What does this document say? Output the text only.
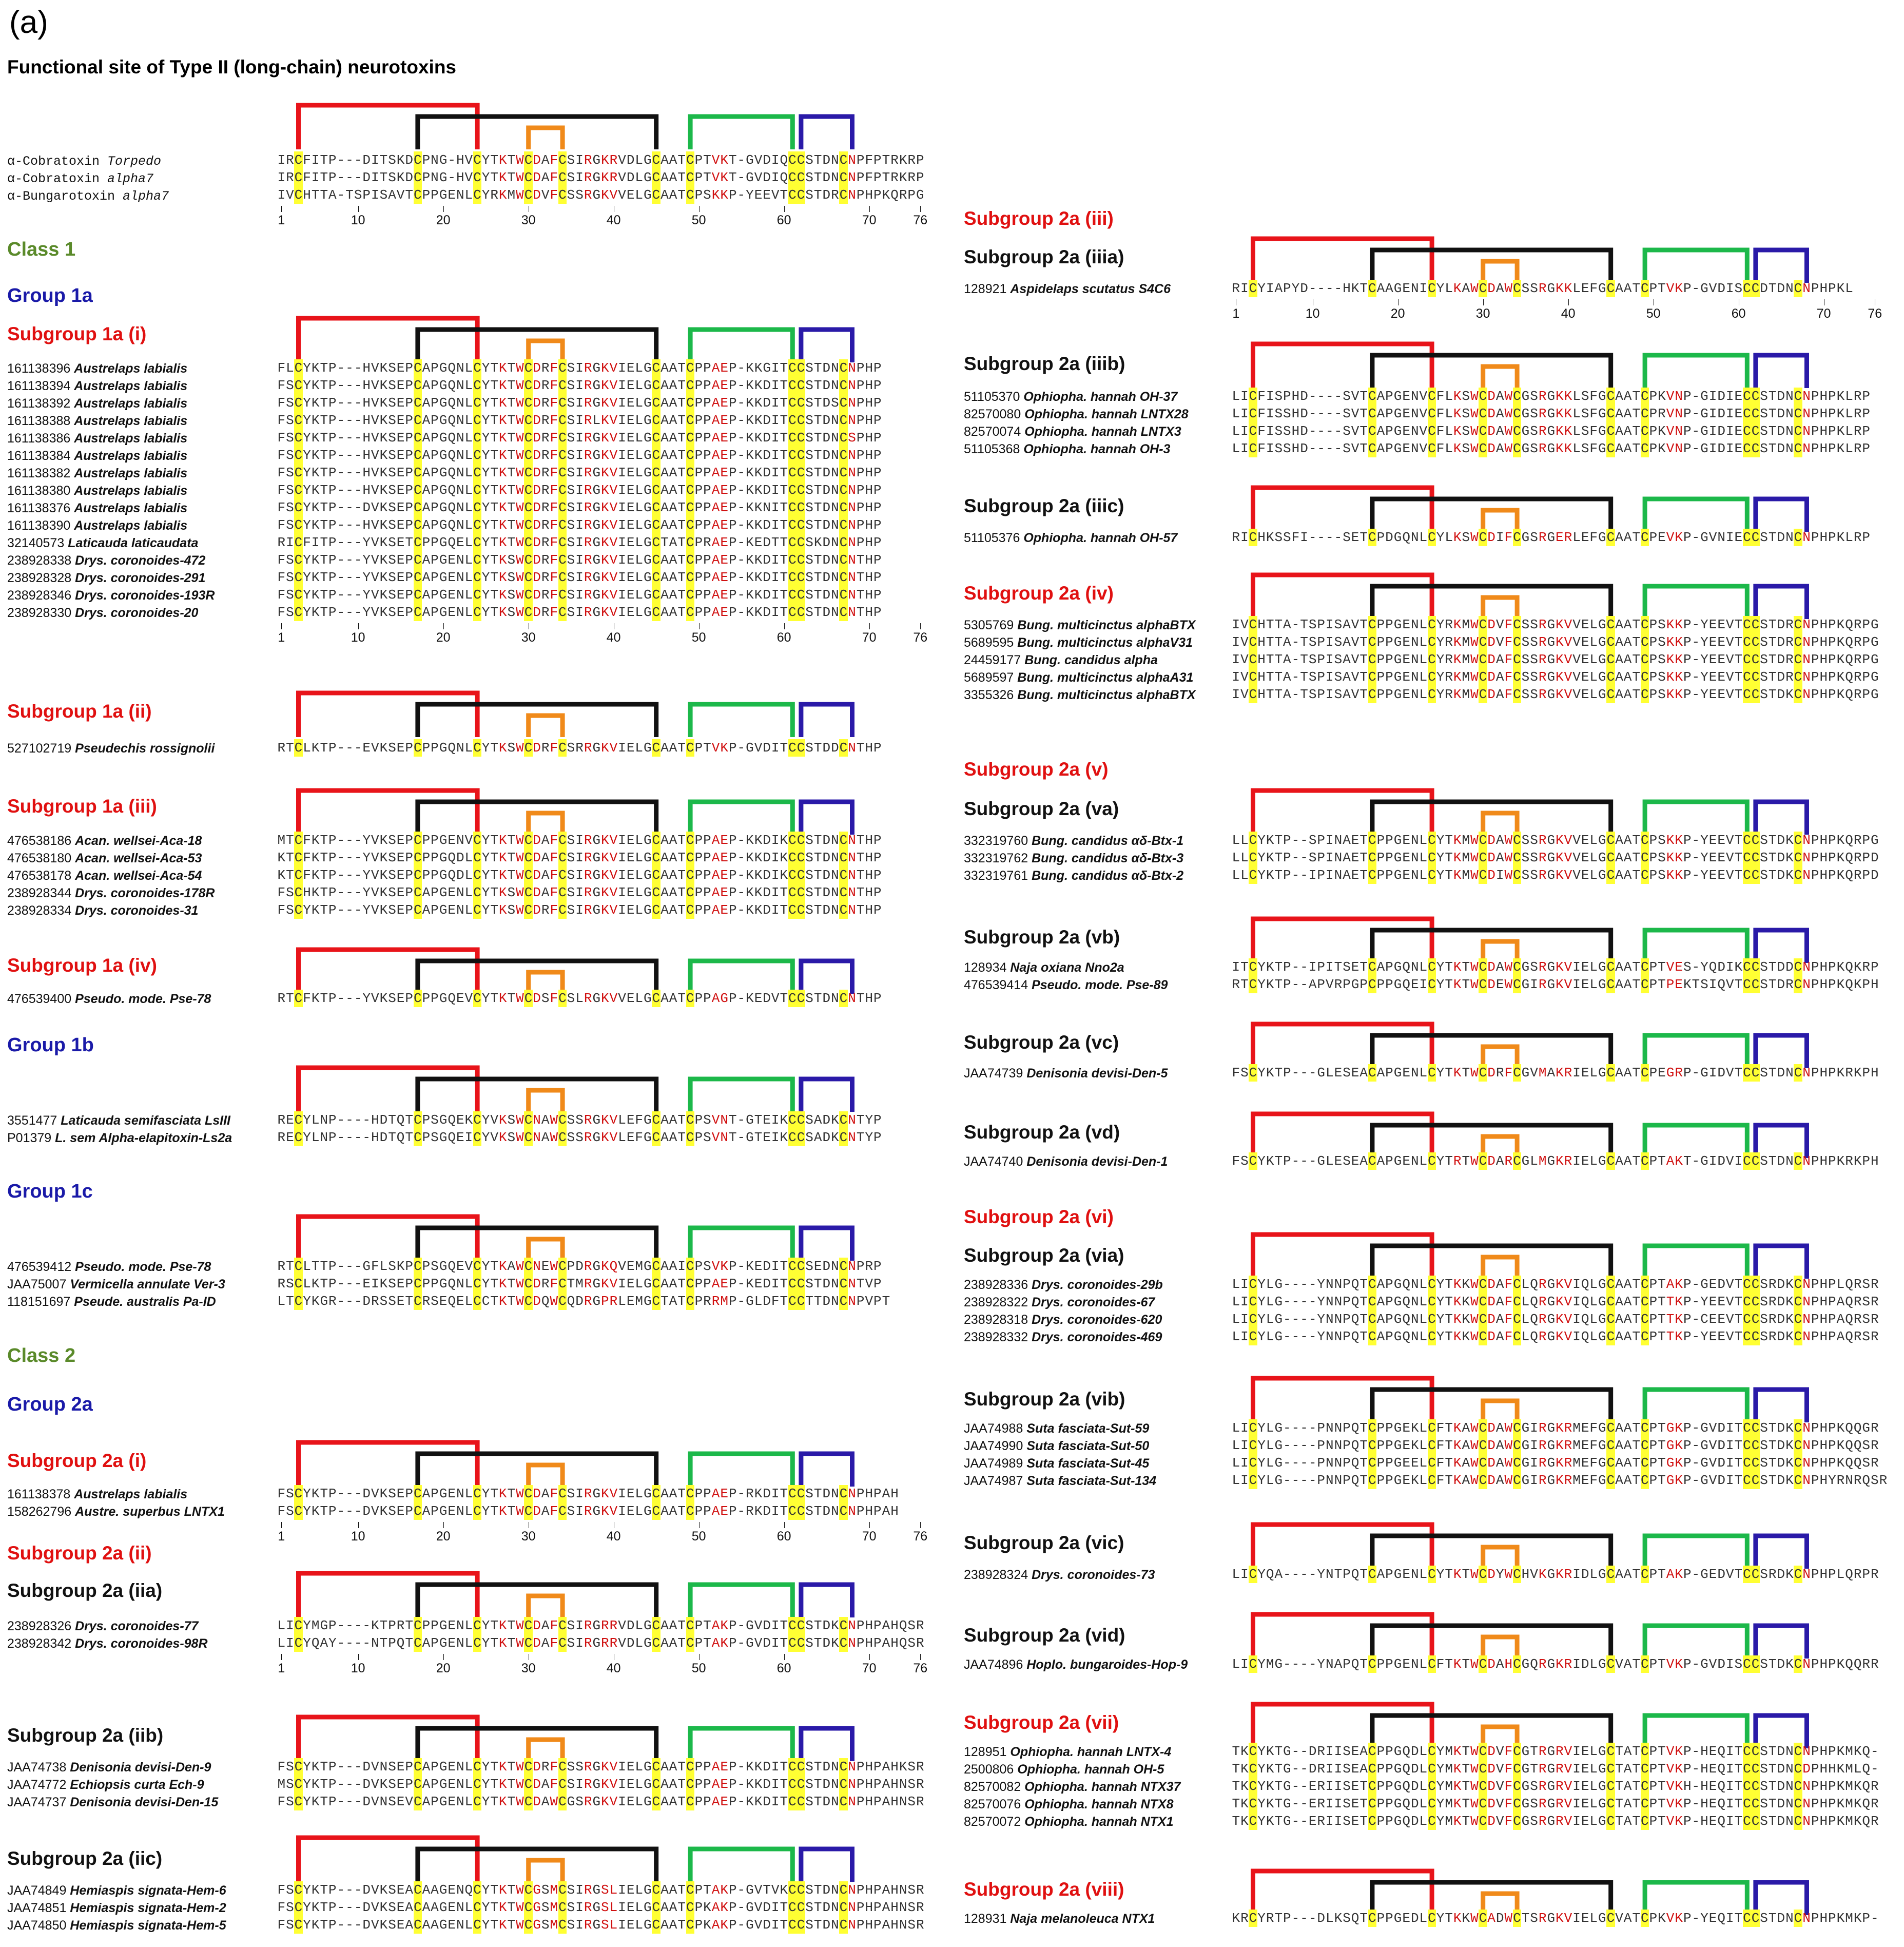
(a)
Functional site of Type II (long-chain) neurotoxins
α-Cobratoxin Torpedo	IRCFITP---DITSKDCPNG-HVCYTKTWCDAFCSIRGKRVDLGCAATCPTVKT-GVDIQCCSTDNCNPFPTRKRP
α-Cobratoxin alpha7	IRCFITP---DITSKDCPNG-HVCYTKTWCDAFCSIRGKRVDLGCAATCPTVKT-GVDIQCCSTDNCNPFPTRKRP
α-Bungarotoxin alpha7	IVCHTTA-TSPISAVTCPPGENLCYRKMWCDVFCSSRGKVVELGCAATCPSKKP-YEEVTCCSTDRCNPHPKQRPG
1	10	20	30	40	50	60	70	76
Class 1
Group 1a
Subgroup 1a (i)
161138396 Austrelaps labialis	FLCYKTP---HVKSEPCAPGQNLCYTKTWCDRFCSIRGKVIELGCAATCPPAEP-KKGITCCSTDNCNPHP
161138394 Austrelaps labialis	FSCYKTP---HVKSEPCAPGQNLCYTKTWCDRFCSIRGKVIELGCAATCPPAEP-KKDITCCSTDNCNPHP
161138392 Austrelaps labialis	FSCYKTP---HVKSEPCAPGQNLCYTKTWCDRFCSIRGKVIELGCAATCPPAEP-KKDITCCSTDSCNPHP
161138388 Austrelaps labialis	FSCYKTP---HVKSEPCAPGQNLCYTKTWCDRFCSIRLKVIELGCAATCPPAEP-KKDITCCSTDNCNPHP
161138386 Austrelaps labialis	FSCYKTP---HVKSEPCAPGQNLCYTKTWCDRFCSIRGKVIELGCAATCPPAEP-KKDITCCSTDNCSPHP
161138384 Austrelaps labialis	FSCYKTP---HVKSEPCAPGQNLCYTKTWCDRFCSIRGKVIELGCAATCPPAEP-KKDITCCSTDNCNPHP
161138382 Austrelaps labialis	FSCYKTP---HVKSEPCAPGQNLCYTKTWCDRFCSIRGKVIELGCAATCPPAEP-KKDITCCSTDNCNPHP
161138380 Austrelaps labialis	FSCYKTP---HVKSEPCAPGQNLCYTKTWCDRFCSIRGKVIELGCAATCPPAEP-KKDITCCSTDNCNPHP
161138376 Austrelaps labialis	FSCYKTP---DVKSEPCAPGQNLCYTKTWCDRFCSIRGKVIELGCAATCPPAEP-KKNITCCSTDNCNPHP
161138390 Austrelaps labialis	FSCYKTP---HVKSEPCAPGQNLCYTKTWCDRFCSIRGKVIELGCAATCPPAEP-KKDITCCSTDNCNPHP
32140573 Laticauda laticaudata	RICFITP---YVKSETCPPGQELCYTKTWCDRFCSIRGKVIELGCTATCPRAEP-KEDTTCCSKDNCNPHP
238928338 Drys. coronoides-472	FSCYKTP---YVKSEPCAPGENLCYTKSWCDRFCSIRGKVIELGCAATCPPAEP-KKDITCCSTDNCNTHP
238928328 Drys. coronoides-291	FSCYKTP---YVKSEPCAPGENLCYTKSWCDRFCSIRGKVIELGCAATCPPAEP-KKDITCCSTDNCNTHP
238928346 Drys. coronoides-193R	FSCYKTP---YVKSEPCAPGENLCYTKSWCDRFCSIRGKVIELGCAATCPPAEP-KKDITCCSTDNCNTHP
238928330 Drys. coronoides-20	FSCYKTP---YVKSEPCAPGENLCYTKSWCDRFCSIRGKVIELGCAATCPPAEP-KKDITCCSTDNCNTHP
1	10	20	30	40	50	60	70	76
Subgroup 1a (ii)
527102719 Pseudechis rossignolii	RTCLKTP---EVKSEPCPPGQNLCYTKSWCDRFCSRRGKVIELGCAATCPTVKP-GVDITCCSTDDCNTHP
Subgroup 1a (iii)
476538186 Acan. wellsei-Aca-18	MTCFKTP---YVKSEPCPPGENVCYTKTWCDAFCSIRGKVIELGCAATCPPAEP-KKDIKCCSTDNCNTHP
476538180 Acan. wellsei-Aca-53	KTCFKTP---YVKSEPCPPGQDLCYTKTWCDAFCSIRGKVIELGCAATCPPAEP-KKDIKCCSTDNCNTHP
476538178 Acan. wellsei-Aca-54	KTCFKTP---YVKSEPCPPGQDLCYTKTWCDAFCSIRGKVIELGCAATCPPAEP-KKDIKCCSTDNCNTHP
238928344 Drys. coronoides-178R	FSCHKTP---YVKSEPCAPGENLCYTKSWCDAFCSIRGKVIELGCAATCPPAEP-KKDITCCSTDNCNTHP
238928334 Drys. coronoides-31	FSCYKTP---YVKSEPCAPGENLCYTKSWCDRFCSIRGKVIELGCAATCPPAEP-KKDITCCSTDNCNTHP
Subgroup 1a (iv)
476539400 Pseudo. mode. Pse-78	RTCFKTP---YVKSEPCPPGQEVCYTKTWCDSFCSLRGKVVELGCAATCPPAGP-KEDVTCCSTDNCNTHP
Group 1b
3551477 Laticauda semifasciata LsIII	RECYLNP----HDTQTCPSGQEKCYVKSWCNAWCSSRGKVLEFGCAATCPSVNT-GTEIKCCSADKCNTYP
P01379 L. sem Alpha-elapitoxin-Ls2a	RECYLNP----HDTQTCPSGQEICYVKSWCNAWCSSRGKVLEFGCAATCPSVNT-GTEIKCCSADKCNTYP
Group 1c
476539412 Pseudo. mode. Pse-78	RTCLTTP---GFLSKPCPSGQEVCYTKAWCNEWCPDRGKQVEMGCAAICPSVKP-KEDITCCSEDNCNPRP
JAA75007 Vermicella annulate Ver-3	RSCLKTP---EIKSEPCPPGQNLCYTKTWCDRFCTMRGKVIELGCAATCPPAEP-KEDITCCSTDNCNTVP
118151697 Pseude. australis Pa-ID	LTCYKGR---DRSSETCRSEQELCCTKTWCDQWCQDRGPRLEMGCTATCPRRMP-GLDFTCCTTDNCNPVPT
Class 2
Group 2a
Subgroup 2a (i)
161138378 Austrelaps labialis	FSCYKTP---DVKSEPCAPGENLCYTKTWCDAFCSIRGKVIELGCAATCPPAEP-RKDITCCSTDNCNPHPAH
158262796 Austre. superbus LNTX1	FSCYKTP---DVKSEPCAPGENLCYTKTWCDAFCSIRGKVIELGCAATCPPAEP-RKDITCCSTDNCNPHPAH
1	10	20	30	40	50	60	70	76
Subgroup 2a (ii)
Subgroup 2a (iia)
238928326 Drys. coronoides-77	LICYMGP----KTPRTCPPGENLCYTKTWCDAFCSIRGRRVDLGCAATCPTAKP-GVDITCCSTDKCNPHPAHQSR
238928342 Drys. coronoides-98R	LICYQAY----NTPQTCAPGENLCYTKTWCDAFCSIRGRRVDLGCAATCPTAKP-GVDITCCSTDKCNPHPAHQSR
1	10	20	30	40	50	60	70	76
Subgroup 2a (iib)
JAA74738 Denisonia devisi-Den-9	FSCYKTP---DVNSEPCAPGENLCYTKTWCDRFCSSRGKVIELGCAATCPPAEP-KKDITCCSTDNCNPHPAHKSR
JAA74772 Echiopsis curta Ech-9	MSCYKTP---DVKSEPCAPGENLCYTKTWCDAFCSIRGKVIELGCAATCPPAEP-KKDITCCSTDNCNPHPAHNSR
JAA74737 Denisonia devisi-Den-15	FSCYKTP---DVNSEVCAPGENLCYTKTWCDAWCGSRGKVIELGCAATCPPAEP-KKDITCCSTDNCNPHPAHNSR
Subgroup 2a (iic)
JAA74849 Hemiaspis signata-Hem-6	FSCYKTP---DVKSEACAAGENQCYTKTWCGSMCSIRGSLIELGCAATCPTAKP-GVTVKCCSTDNCNPHPAHNSR
JAA74851 Hemiaspis signata-Hem-2	FSCYKTP---DVKSEACAAGENLCYTKTWCGSMCSIRGSLIELGCAATCPKAKP-GVDITCCSTDNCNPHPAHNSR
JAA74850 Hemiaspis signata-Hem-5	FSCYKTP---DVKSEACAAGENLCYTKTWCGSMCSIRGSLIELGCAATCPKAKP-GVDITCCSTDNCNPHPAHNSR
Subgroup 2a (iii)
Subgroup 2a (iiia)
128921 Aspidelaps scutatus S4C6	RICYIAPYD----HKTCAAGENICYLKAWCDAWCSSRGKKLEFGCAATCPTVKP-GVDISCCDTDNCNPHPKL
1	10	20	30	40	50	60	70	76
Subgroup 2a (iiib)
51105370 Ophiopha. hannah OH-37	LICFISPHD----SVTCAPGENVCFLKSWCDAWCGSRGKKLSFGCAATCPKVNP-GIDIECCSTDNCNPHPKLRP
82570080 Ophiopha. hannah LNTX28	LICFISSHD----SVTCAPGENVCFLKSWCDAWCGSRGKKLSFGCAATCPRVNP-GIDIECCSTDNCNPHPKLRP
82570074 Ophiopha. hannah LNTX3	LICFISSHD----SVTCAPGENVCFLKSWCDAWCGSRGKKLSFGCAATCPKVNP-GIDIECCSTDNCNPHPKLRP
51105368 Ophiopha. hannah OH-3	LICFISSHD----SVTCAPGENVCFLKSWCDAWCGSRGKKLSFGCAATCPKVNP-GIDIECCSTDNCNPHPKLRP
Subgroup 2a (iiic)
51105376 Ophiopha. hannah OH-57	RICHKSSFI----SETCPDGQNLCYLKSWCDIFCGSRGERLEFGCAATCPEVKP-GVNIECCSTDNCNPHPKLRP
Subgroup 2a (iv)
5305769 Bung. multicinctus alphaBTX	IVCHTTA-TSPISAVTCPPGENLCYRKMWCDVFCSSRGKVVELGCAATCPSKKP-YEEVTCCSTDRCNPHPKQRPG
5689595 Bung. multicinctus alphaV31	IVCHTTA-TSPISAVTCPPGENLCYRKMWCDVFCSSRGKVVELGCAATCPSKKP-YEEVTCCSTDRCNPHPKQRPG
24459177 Bung. candidus alpha	IVCHTTA-TSPISAVTCPPGENLCYRKMWCDAFCSSRGKVVELGCAATCPSKKP-YEEVTCCSTDRCNPHPKQRPG
5689597 Bung. multicinctus alphaA31	IVCHTTA-TSPISAVTCPPGENLCYRKMWCDAFCSSRGKVVELGCAATCPSKKP-YEEVTCCSTDRCNPHPKQRPG
3355326 Bung. multicinctus alphaBTX	IVCHTTA-TSPISAVTCPPGENLCYRKMWCDAFCSSRGKVVELGCAATCPSKKP-YEEVTCCSTDKCNPHPKQRPG
Subgroup 2a (v)
Subgroup 2a (va)
332319760 Bung. candidus αδ-Btx-1	LLCYKTP--SPINAETCPPGENLCYTKMWCDAWCSSRGKVVELGCAATCPSKKP-YEEVTCCSTDKCNPHPKQRPG
332319762 Bung. candidus αδ-Btx-3	LLCYKTP--SPINAETCPPGENLCYTKMWCDAWCSSRGKVVELGCAATCPSKKP-YEEVTCCSTDKCNPHPKQRPD
332319761 Bung. candidus αδ-Btx-2	LLCYKTP--IPINAETCPPGENLCYTKMWCDIWCSSRGKVVELGCAATCPSKKP-YEEVTCCSTDKCNPHPKQRPD
Subgroup 2a (vb)
128934 Naja oxiana Nno2a	ITCYKTP--IPITSETCAPGQNLCYTKTWCDAWCGSRGKVIELGCAATCPTVES-YQDIKCCSTDDCNPHPKQKRP
476539414 Pseudo. mode. Pse-89	RTCYKTP--APVRPGPCPPGQEICYTKTWCDEWCGIRGKVIELGCAATCPTPEKTSIQVTCCSTDRCNPHPKQKPH
Subgroup 2a (vc)
JAA74739 Denisonia devisi-Den-5	FSCYKTP---GLESEACAPGENLCYTKTWCDRFCGVMAKRIELGCAATCPEGRP-GIDVTCCSTDNCNPHPKRKPH
Subgroup 2a (vd)
JAA74740 Denisonia devisi-Den-1	FSCYKTP---GLESEACAPGENLCYTRTWCDARCGLMGKRIELGCAATCPTAKT-GIDVICCSTDNCNPHPKRKPH
Subgroup 2a (vi)
Subgroup 2a (via)
238928336 Drys. coronoides-29b	LICYLG----YNNPQTCAPGQNLCYTKKWCDAFCLQRGKVIQLGCAATCPTAKP-GEDVTCCSRDKCNPHPLQRSR
238928322 Drys. coronoides-67	LICYLG----YNNPQTCAPGQNLCYTKKWCDAFCLQRGKVIQLGCAATCPTTKP-YEEVTCCSRDKCNPHPAQRSR
238928318 Drys. coronoides-620	LICYLG----YNNPQTCAPGQNLCYTKKWCDAFCLQRGKVIQLGCAATCPTTKP-CEEVTCCSRDKCNPHPAQRSR
238928332 Drys. coronoides-469	LICYLG----YNNPQTCAPGQNLCYTKKWCDAFCLQRGKVIQLGCAATCPTTKP-YEEVTCCSRDKCNPHPAQRSR
Subgroup 2a (vib)
JAA74988 Suta fasciata-Sut-59	LICYLG----PNNPQTCPPGEKLCFTKAWCDAWCGIRGKRMEFGCAATCPTGKP-GVDITCCSTDKCNPHPKQQGR
JAA74990 Suta fasciata-Sut-50	LICYLG----PNNPQTCPPGEKLCFTKAWCDAWCGIRGKRMEFGCAATCPTGKP-GVDITCCSTDKCNPHPKQQSR
JAA74989 Suta fasciata-Sut-45	LICYLG----PNNPQTCPPGEELCFTKAWCDAWCGIRGKRMEFGCAATCPTGKP-GVDITCCSTDKCNPHPKQQSR
JAA74987 Suta fasciata-Sut-134	LICYLG----PNNPQTCPPGEKLCFTKAWCDAWCGIRGKRMEFGCAATCPTGKP-GVDITCCSTDKCNPHYRNRQSR
Subgroup 2a (vic)
238928324 Drys. coronoides-73	LICYQA----YNTPQTCAPGENLCYTKTWCDYWCHVKGKRIDLGCAATCPTAKP-GEDVTCCSRDKCNPHPLQRPR
Subgroup 2a (vid)
JAA74896 Hoplo. bungaroides-Hop-9	LICYMG----YNAPQTCPPGENLCFTKTWCDAHCGQRGKRIDLGCVATCPTVKP-GVDISCCSTDKCNPHPKQQRR
Subgroup 2a (vii)
128951 Ophiopha. hannah LNTX-4	TKCYKTG--DRIISEACPPGQDLCYMKTWCDVFCGTRGRVIELGCTATCPTVKP-HEQITCCSTDNCNPHPKMKQ-
2500806 Ophiopha. hannah OH-5	TKCYKTG--DRIISEACPPGQDLCYMKTWCDVFCGTRGRVIELGCTATCPTVKP-HEQITCCSTDNCDPHHKMLQ-
82570082 Ophiopha. hannah NTX37	TKCYKTG--ERIISETCPPGQDLCYMKTWCDVFCGSRGRVIELGCTATCPTVKH-HEQITCCSTDNCNPHPKMKQR
82570076 Ophiopha. hannah NTX8	TKCYKTG--ERIISETCPPGQDLCYMKTWCDVFCGSRGRVIELGCTATCPTVKP-HEQITCCSTDNCNPHPKMKQR
82570072 Ophiopha. hannah NTX1	TKCYKTG--ERIISETCPPGQDLCYMKTWCDVFCGSRGRVIELGCTATCPTVKP-HEQITCCSTDNCNPHPKMKQR
Subgroup 2a (viii)
128931 Naja melanoleuca NTX1	KRCYRTP---DLKSQTCPPGEDLCYTKKWCADWCTSRGKVIELGCVATCPKVKP-YEQITCCSTDNCNPHPKMKP-
